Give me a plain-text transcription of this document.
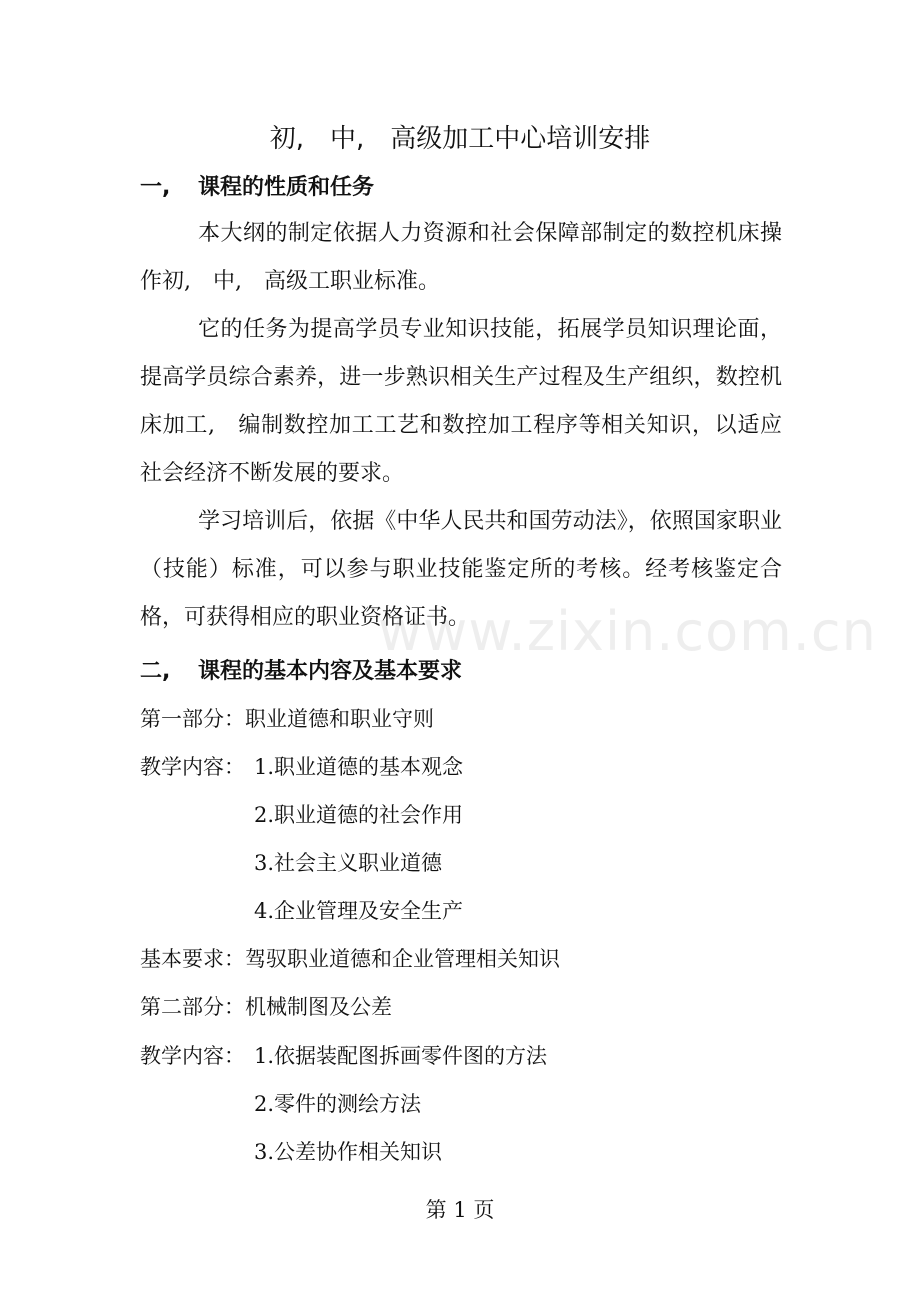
初,　中,　高级加工中心培训安排
一, 课程的性质和任务
本大纲的制定依据人力资源和社会保障部制定的数控机床操作初,　中,　高级工职业标准。
它的任务为提高学员专业知识技能，拓展学员知识理论面，提高学员综合素养，进一步熟识相关生产过程及生产组织，数控机床加工,　编制数控加工工艺和数控加工程序等相关知识，以适应社会经济不断发展的要求。
学习培训后，依据《中华人民共和国劳动法》，依照国家职业（技能）标准，可以参与职业技能鉴定所的考核。经考核鉴定合格，可获得相应的职业资格证书。
二, 课程的基本内容及基本要求
第一部分：职业道德和职业守则
教学内容： 1.职业道德的基本观念
2.职业道德的社会作用
3.社会主义职业道德
4.企业管理及安全生产
基本要求：驾驭职业道德和企业管理相关知识
第二部分：机械制图及公差
教学内容： 1.依据装配图拆画零件图的方法
2.零件的测绘方法
3.公差协作相关知识
www.zixin.com.cn
第 1 页
